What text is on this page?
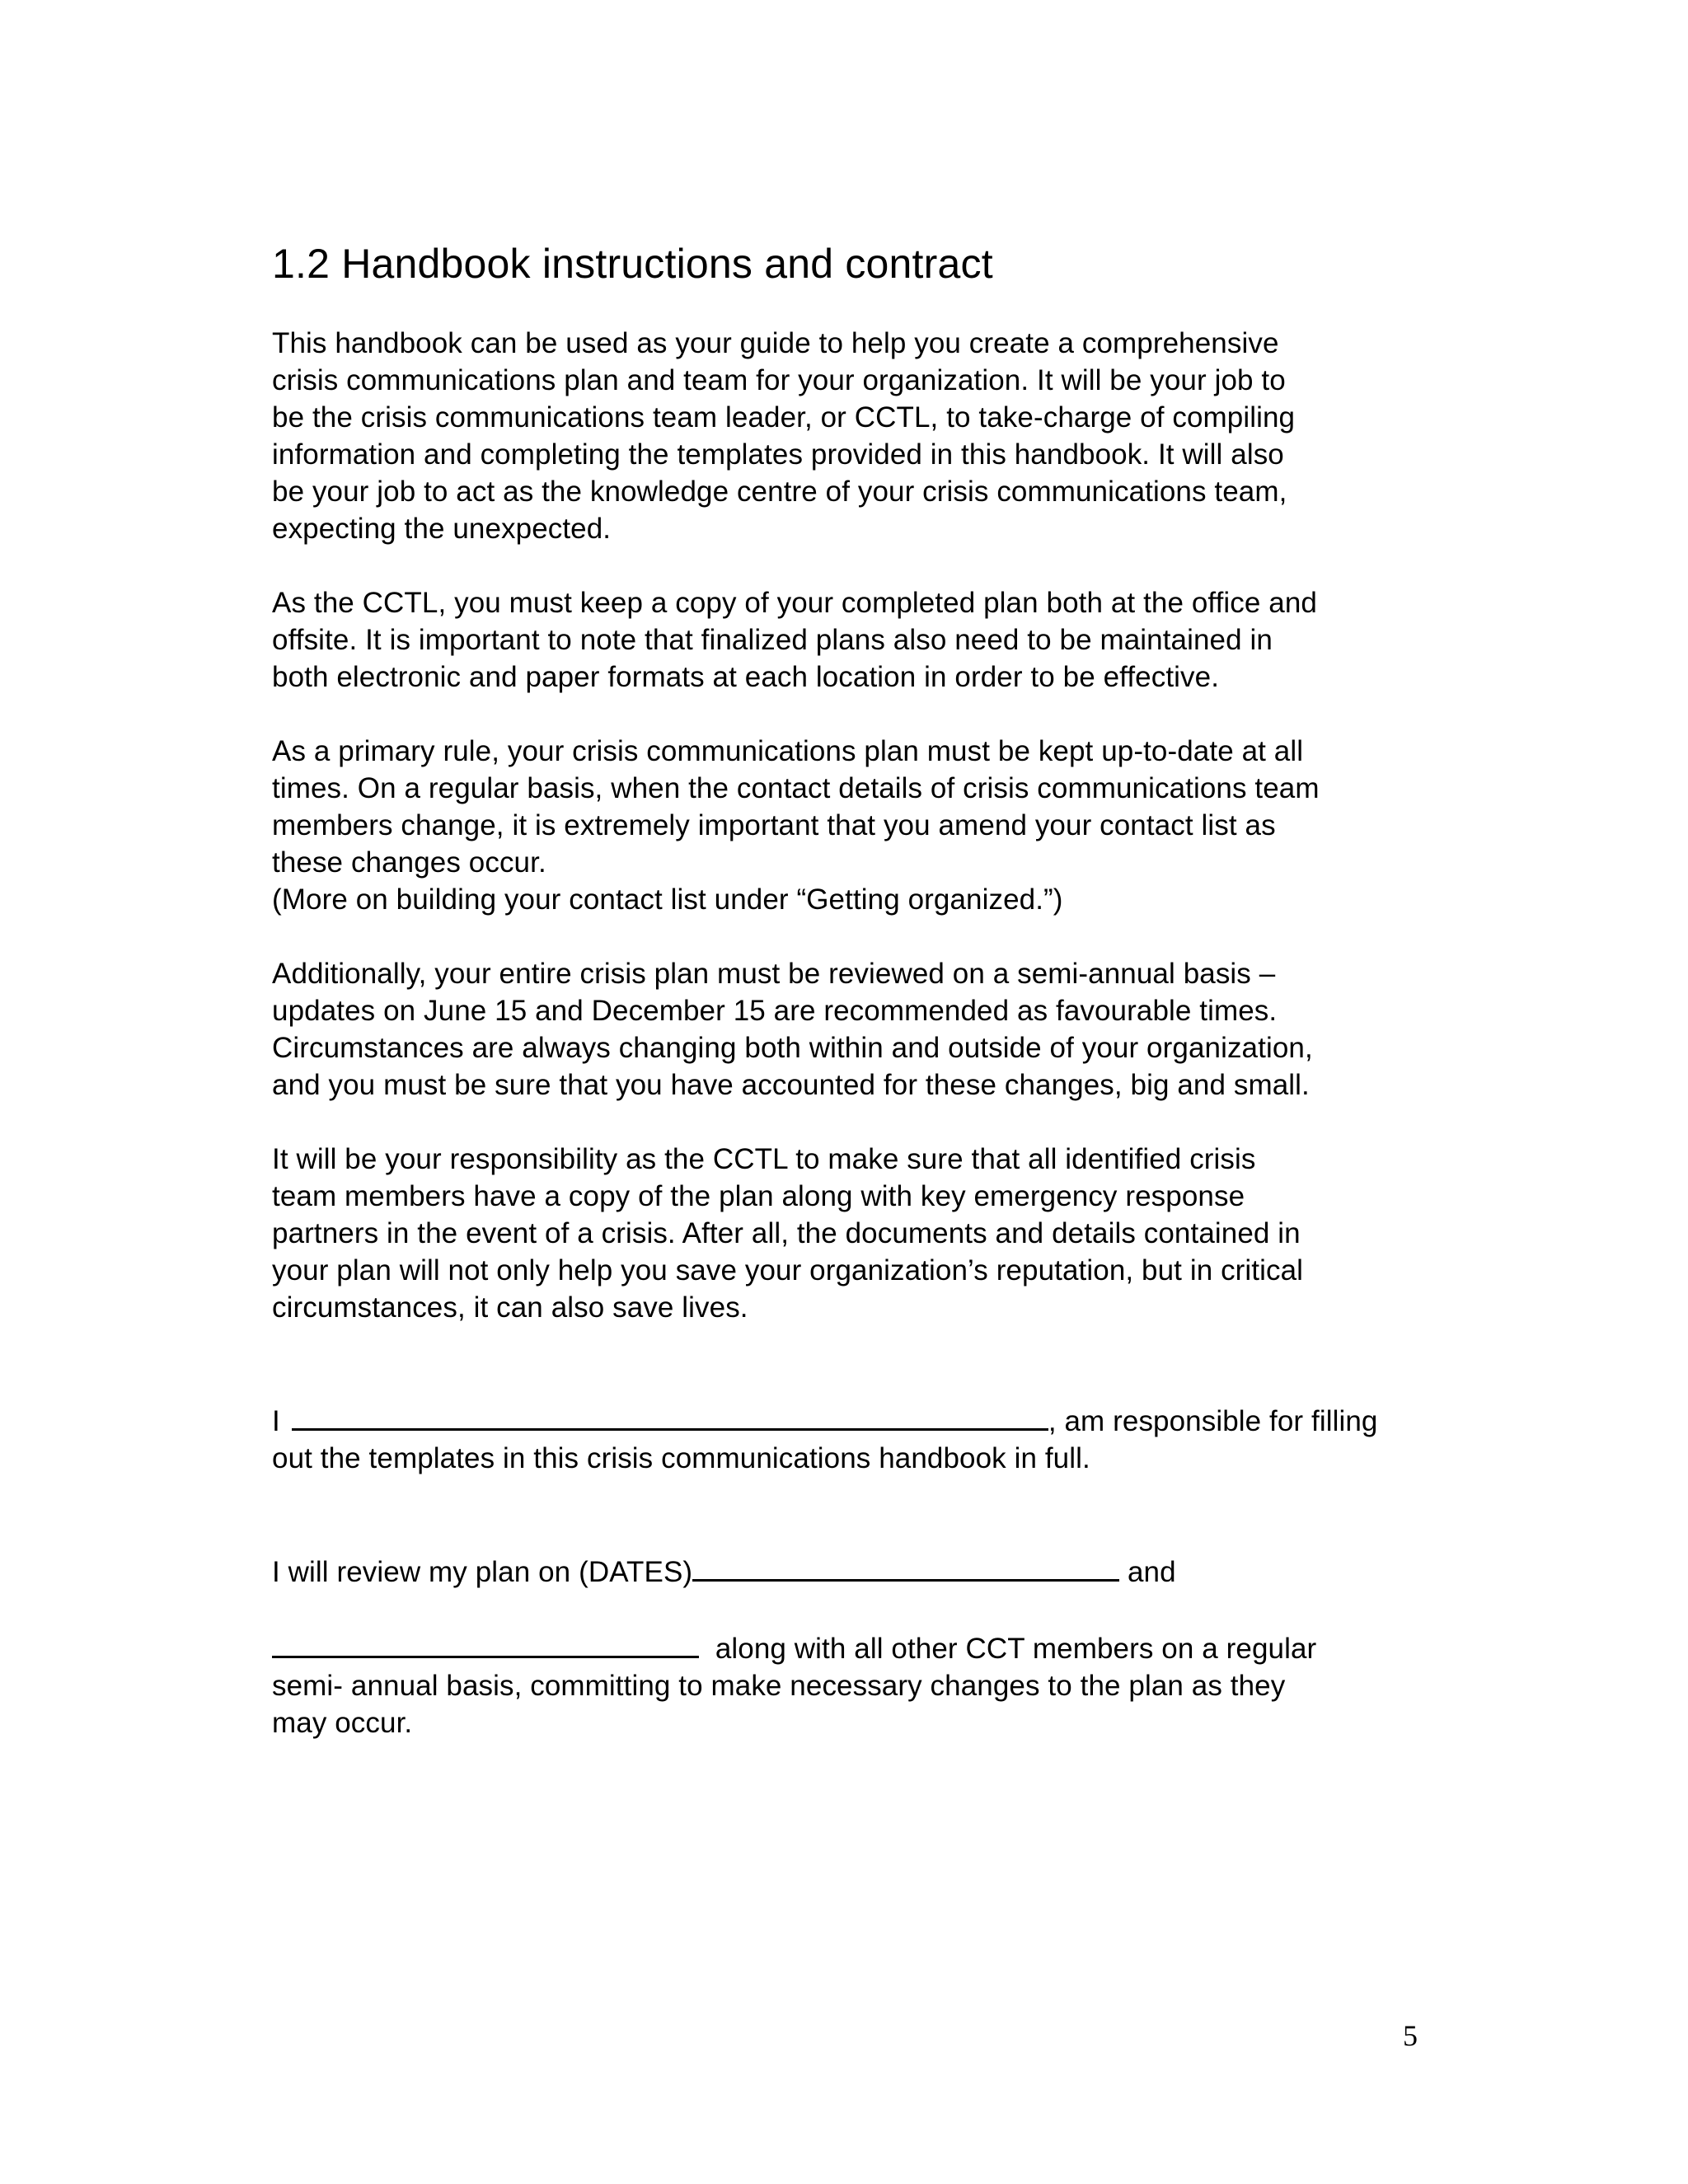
1.2 Handbook instructions and contract
This handbook can be used as your guide to help you create a comprehensive
crisis communications plan and team for your organization. It will be your job to
be the crisis communications team leader, or CCTL, to take-charge of compiling
information and completing the templates provided in this handbook. It will also
be your job to act as the knowledge centre of your crisis communications team,
expecting the unexpected.
As the CCTL, you must keep a copy of your completed plan both at the office and
offsite. It is important to note that finalized plans also need to be maintained in
both electronic and paper formats at each location in order to be effective.
As a primary rule, your crisis communications plan must be kept up-to-date at all
times. On a regular basis, when the contact details of crisis communications team
members change, it is extremely important that you amend your contact list as
these changes occur.
(More on building your contact list under “Getting organized.”)
Additionally, your entire crisis plan must be reviewed on a semi-annual basis –
updates on June 15 and December 15 are recommended as favourable times.
Circumstances are always changing both within and outside of your organization,
and you must be sure that you have accounted for these changes, big and small.
It will be your responsibility as the CCTL to make sure that all identified crisis
team members have a copy of the plan along with key emergency response
partners in the event of a crisis. After all, the documents and details contained in
your plan will not only help you save your organization’s reputation, but in critical
circumstances, it can also save lives.
I	, am responsible for filling
out the templates in this crisis communications handbook in full.
I will review my plan on (DATES)	and
along with all other CCT members on a regular
semi- annual basis, committing to make necessary changes to the plan as they
may occur.
5
